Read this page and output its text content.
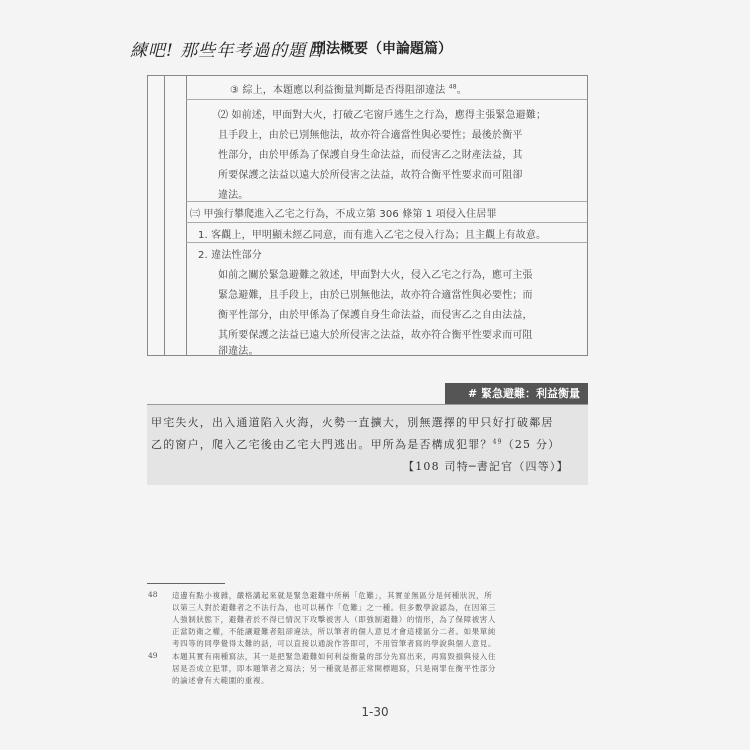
練吧! 那些年考過的題目
刑法概要（申論題篇）
③ 綜上，本題應以利益衡量判斷是否得阻卻違法 $^{48}$。
⑵ 如前述，甲面對大火，打破乙宅窗戶逃生之行為，應得主張緊急避難；
且手段上，由於已別無他法，故亦符合適當性與必要性；最後於衡平
性部分，由於甲係為了保護自身生命法益，而侵害乙之財產法益，其
所要保護之法益以遠大於所侵害之法益，故符合衡平性要求而可阻卻
違法。
㈢ 甲強行攀爬進入乙宅之行為，不成立第 306 條第 1 項侵入住居罪
1. 客觀上，甲明顯未經乙同意，而有進入乙宅之侵入行為；且主觀上有故意。
2. 違法性部分
如前之關於緊急避難之敘述，甲面對大火，侵入乙宅之行為，應可主張
緊急避難，且手段上，由於已別無他法，故亦符合適當性與必要性；而
衡平性部分，由於甲係為了保護自身生命法益，而侵害乙之自由法益，
其所要保護之法益已遠大於所侵害之法益，故亦符合衡平性要求而可阻
卻違法。
# 緊急避難：利益衡量
甲宅失火，出入通道陷入火海，火勢一直擴大，別無選擇的甲只好打破鄰居
乙的窗户，爬入乙宅後由乙宅大門逃出。甲所為是否構成犯罪？$^{49}$（25 分）
【108 司特─書記官（四等）】
48 這邊有點小複雜，嚴格講起來就是緊急避難中所稱「危難」，其實並無區分是何種狀況，所
以第三人對於避難者之不法行為，也可以稱作「危難」之一種。但多數學說認為，在因第三
人強制狀態下，避難者於不得已情況下攻擊被害人（即強制避難）的情形，為了保障被害人
正當防衛之權，不能讓避難者阻卻違法，所以筆者的個人意見才會這樣區分二者。如果單純
考四等的同學覺得太難的話，可以直接以通說作答即可，不用管筆者寫的學說與個人意見。
49 本題其實有兩種寫法，其一是把緊急避難如何利益衡量的部分先寫出來，再寫毀損與侵入住
居是否成立犯罪，即本題筆者之寫法；另一種就是都正常開標題寫，只是兩罪在衡平性部分
的論述會有大範圍的重複。
1-30
